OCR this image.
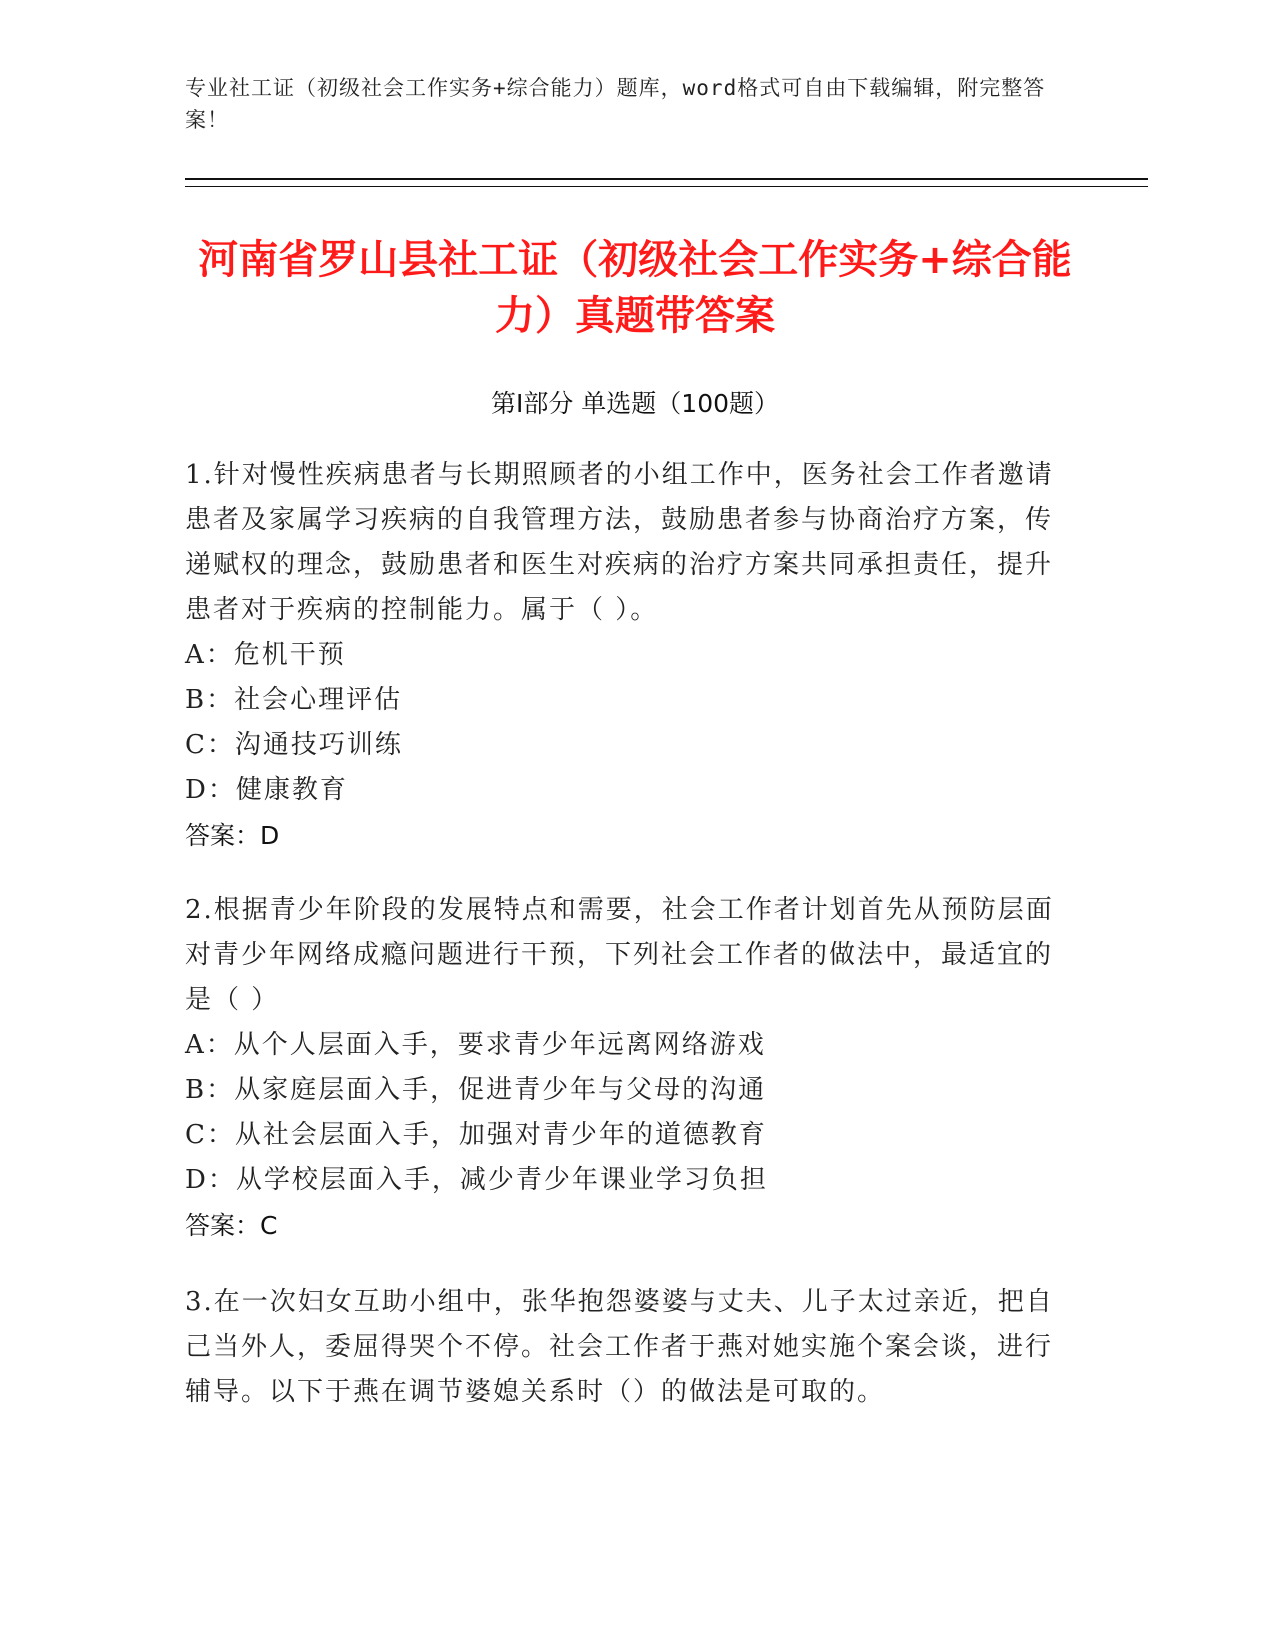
专业社工证（初级社会工作实务+综合能力）题库，word格式可自由下载编辑，附完整答案！
河南省罗山县社工证（初级社会工作实务+综合能力）真题带答案
第Ⅰ部分 单选题（100题）
1.针对慢性疾病患者与长期照顾者的小组工作中，医务社会工作者邀请患者及家属学习疾病的自我管理方法，鼓励患者参与协商治疗方案，传递赋权的理念，鼓励患者和医生对疾病的治疗方案共同承担责任，提升患者对于疾病的控制能力。属于（ ）。
A：危机干预
B：社会心理评估
C：沟通技巧训练
D：健康教育
答案：D
2.根据青少年阶段的发展特点和需要，社会工作者计划首先从预防层面对青少年网络成瘾问题进行干预，下列社会工作者的做法中，最适宜的是（ ）
A：从个人层面入手，要求青少年远离网络游戏
B：从家庭层面入手，促进青少年与父母的沟通
C：从社会层面入手，加强对青少年的道德教育
D：从学校层面入手，减少青少年课业学习负担
答案：C
3.在一次妇女互助小组中，张华抱怨婆婆与丈夫、儿子太过亲近，把自己当外人，委屈得哭个不停。社会工作者于燕对她实施个案会谈，进行辅导。以下于燕在调节婆媳关系时（）的做法是可取的。
